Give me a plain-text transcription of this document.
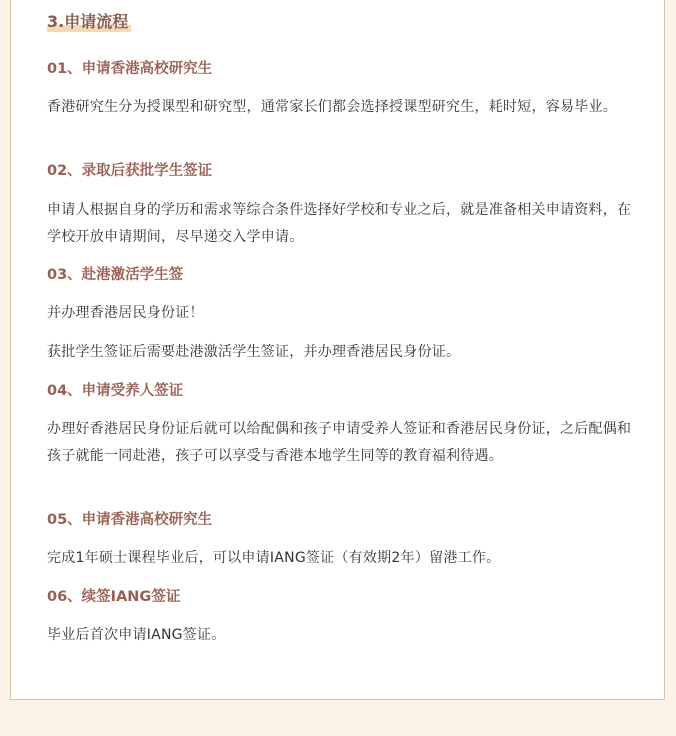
3.申请流程
01、申请香港高校研究生
香港研究生分为授课型和研究型，通常家长们都会选择授课型研究生，耗时短，容易毕业。
02、录取后获批学生签证
申请人根据自身的学历和需求等综合条件选择好学校和专业之后，就是准备相关申请资料，在学校开放申请期间，尽早递交入学申请。
03、赴港激活学生签
并办理香港居民身份证！
获批学生签证后需要赴港激活学生签证，并办理香港居民身份证。
04、申请受养人签证
办理好香港居民身份证后就可以给配偶和孩子申请受养人签证和香港居民身份证，之后配偶和孩子就能一同赴港，孩子可以享受与香港本地学生同等的教育福利待遇。
05、申请香港高校研究生
完成1年硕士课程毕业后，可以申请IANG签证（有效期2年）留港工作。
06、续签IANG签证
毕业后首次申请IANG签证。
